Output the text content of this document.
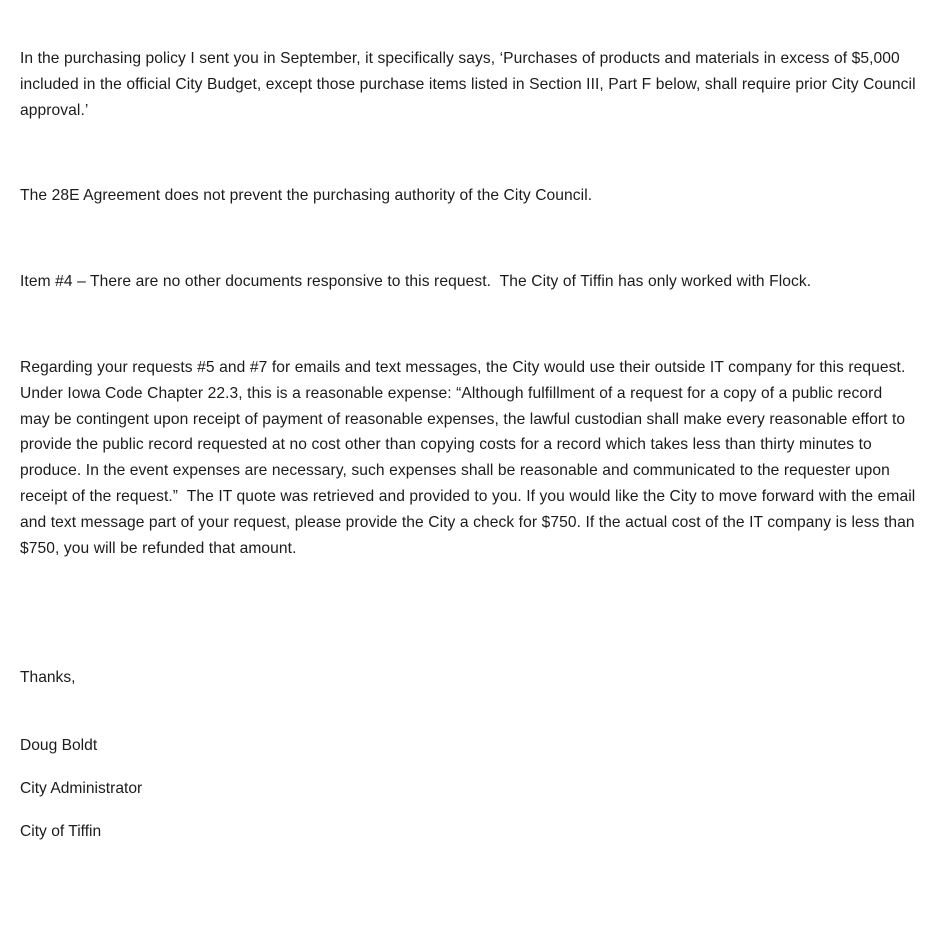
In the purchasing policy I sent you in September, it specifically says, ‘Purchases of products and materials in excess of $5,000 included in the official City Budget, except those purchase items listed in Section III, Part F below, shall require prior City Council approval.’

The 28E Agreement does not prevent the purchasing authority of the City Council.

Item #4 – There are no other documents responsive to this request.  The City of Tiffin has only worked with Flock.

Regarding your requests #5 and #7 for emails and text messages, the City would use their outside IT company for this request. Under Iowa Code Chapter 22.3, this is a reasonable expense: “Although fulfillment of a request for a copy of a public record may be contingent upon receipt of payment of reasonable expenses, the lawful custodian shall make every reasonable effort to provide the public record requested at no cost other than copying costs for a record which takes less than thirty minutes to produce. In the event expenses are necessary, such expenses shall be reasonable and communicated to the requester upon receipt of the request.”  The IT quote was retrieved and provided to you. If you would like the City to move forward with the email and text message part of your request, please provide the City a check for $750. If the actual cost of the IT company is less than $750, you will be refunded that amount.

Thanks,

Doug Boldt

City Administrator

City of Tiffin
